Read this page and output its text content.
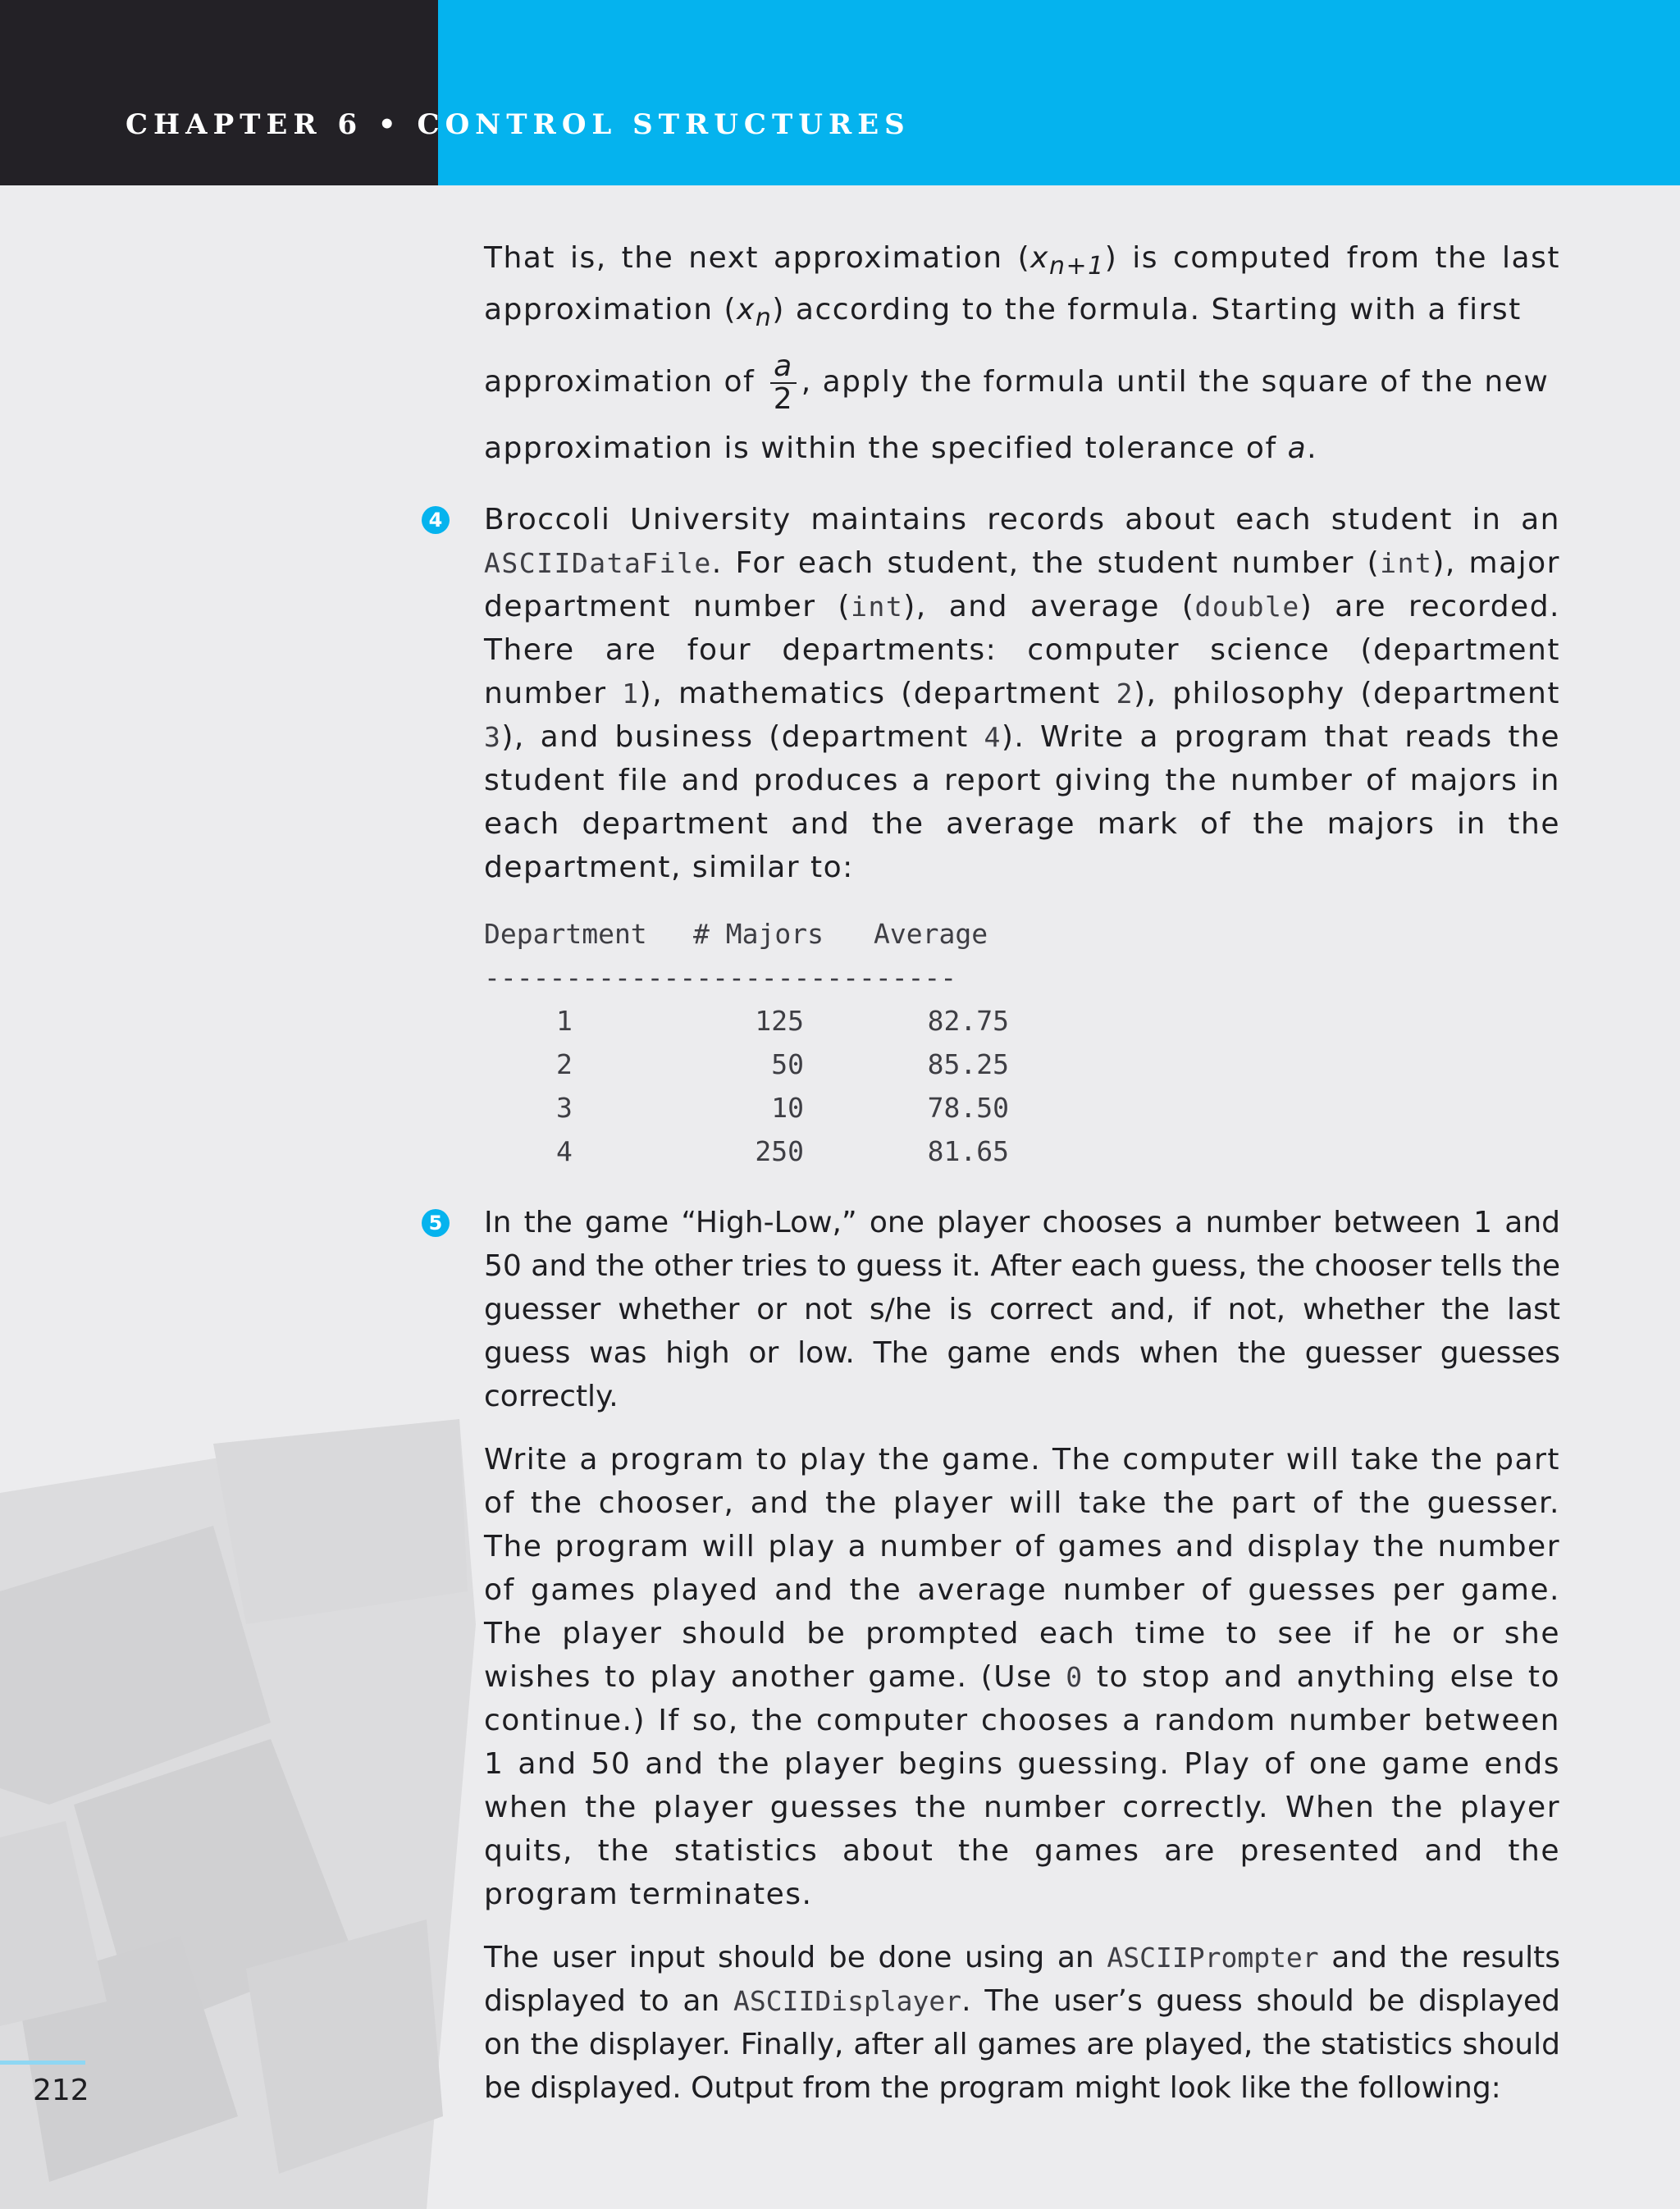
CHAPTER 6 • CONTROL STRUCTURES

That is, the next approximation $(x_{n+1})$ is computed from the last approximation $(x_n)$ according to the formula. Starting with a first
approximation of $\frac{a}{2}$ , apply the formula until the square of the new
approximation is within the specified tolerance of a.

4 Broccoli University maintains records about each student in an ASCIIDataFile. For each student, the student number (int), major department number (int), and average (double) are recorded. There are four departments: computer science (department number 1), mathematics (department 2), philosophy (department 3), and business (department 4). Write a program that reads the student file and produces a report giving the number of majors in each department and the average mark of the majors in the department, similar to:

Department	# Majors	Average
-----------------------------
1	125	82.75
2	50	85.25
3	10	78.50
4	250	81.65
5 In the game “High-Low,” one player chooses a number between 1 and 50 and the other tries to guess it. After each guess, the chooser tells the guesser whether or not s/he is correct and, if not, whether the last guess was high or low. The game ends when the guesser guesses correctly.

Write a program to play the game. The computer will take the part of the chooser, and the player will take the part of the guesser. The program will play a number of games and display the number of games played and the average number of guesses per game. The player should be prompted each time to see if he or she wishes to play another game. (Use 0 to stop and anything else to continue.) If so, the computer chooses a random number between 1 and 50 and the player begins guessing. Play of one game ends when the player guesses the number correctly. When the player quits, the statistics about the games are presented and the program terminates.

The user input should be done using an ASCIIPrompter and the results displayed to an ASCIIDisplayer. The user’s guess should be displayed on the displayer. Finally, after all games are played, the statistics should be displayed. Output from the program might look like the following:

212
